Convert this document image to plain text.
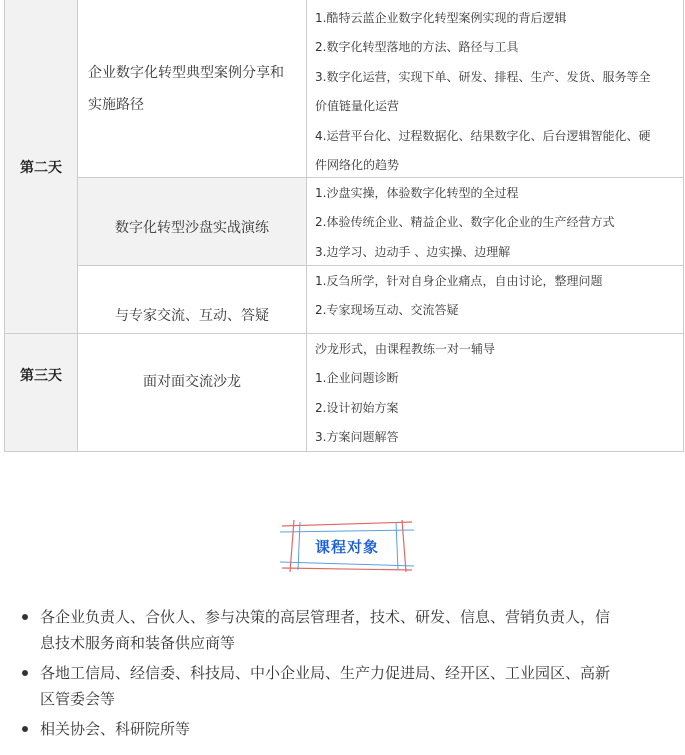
第二天
企业数字化转型典型案例分享和
实施路径
1.酷特云蓝企业数字化转型案例实现的背后逻辑
2.数字化转型落地的方法、路径与工具
3.数字化运营，实现下单、研发、排程、生产、发货、服务等全
价值链量化运营
4.运营平台化、过程数据化、结果数字化、后台逻辑智能化、硬
件网络化的趋势
数字化转型沙盘实战演练
1.沙盘实操，体验数字化转型的全过程
2.体验传统企业、精益企业、数字化企业的生产经营方式
3.边学习、边动手 、边实操、边理解
与专家交流、互动、答疑
1.反刍所学，针对自身企业痛点，自由讨论，整理问题
2.专家现场互动、交流答疑
第三天	面对面交流沙龙
沙龙形式，由课程教练一对一辅导
1.企业问题诊断
2.设计初始方案
3.方案问题解答
课程对象
各企业负责人、合伙人、参与决策的高层管理者，技术、研发、信息、营销负责人，信
息技术服务商和装备供应商等
各地工信局、经信委、科技局、中小企业局、生产力促进局、经开区、工业园区、高新
区管委会等
相关协会、科研院所等
